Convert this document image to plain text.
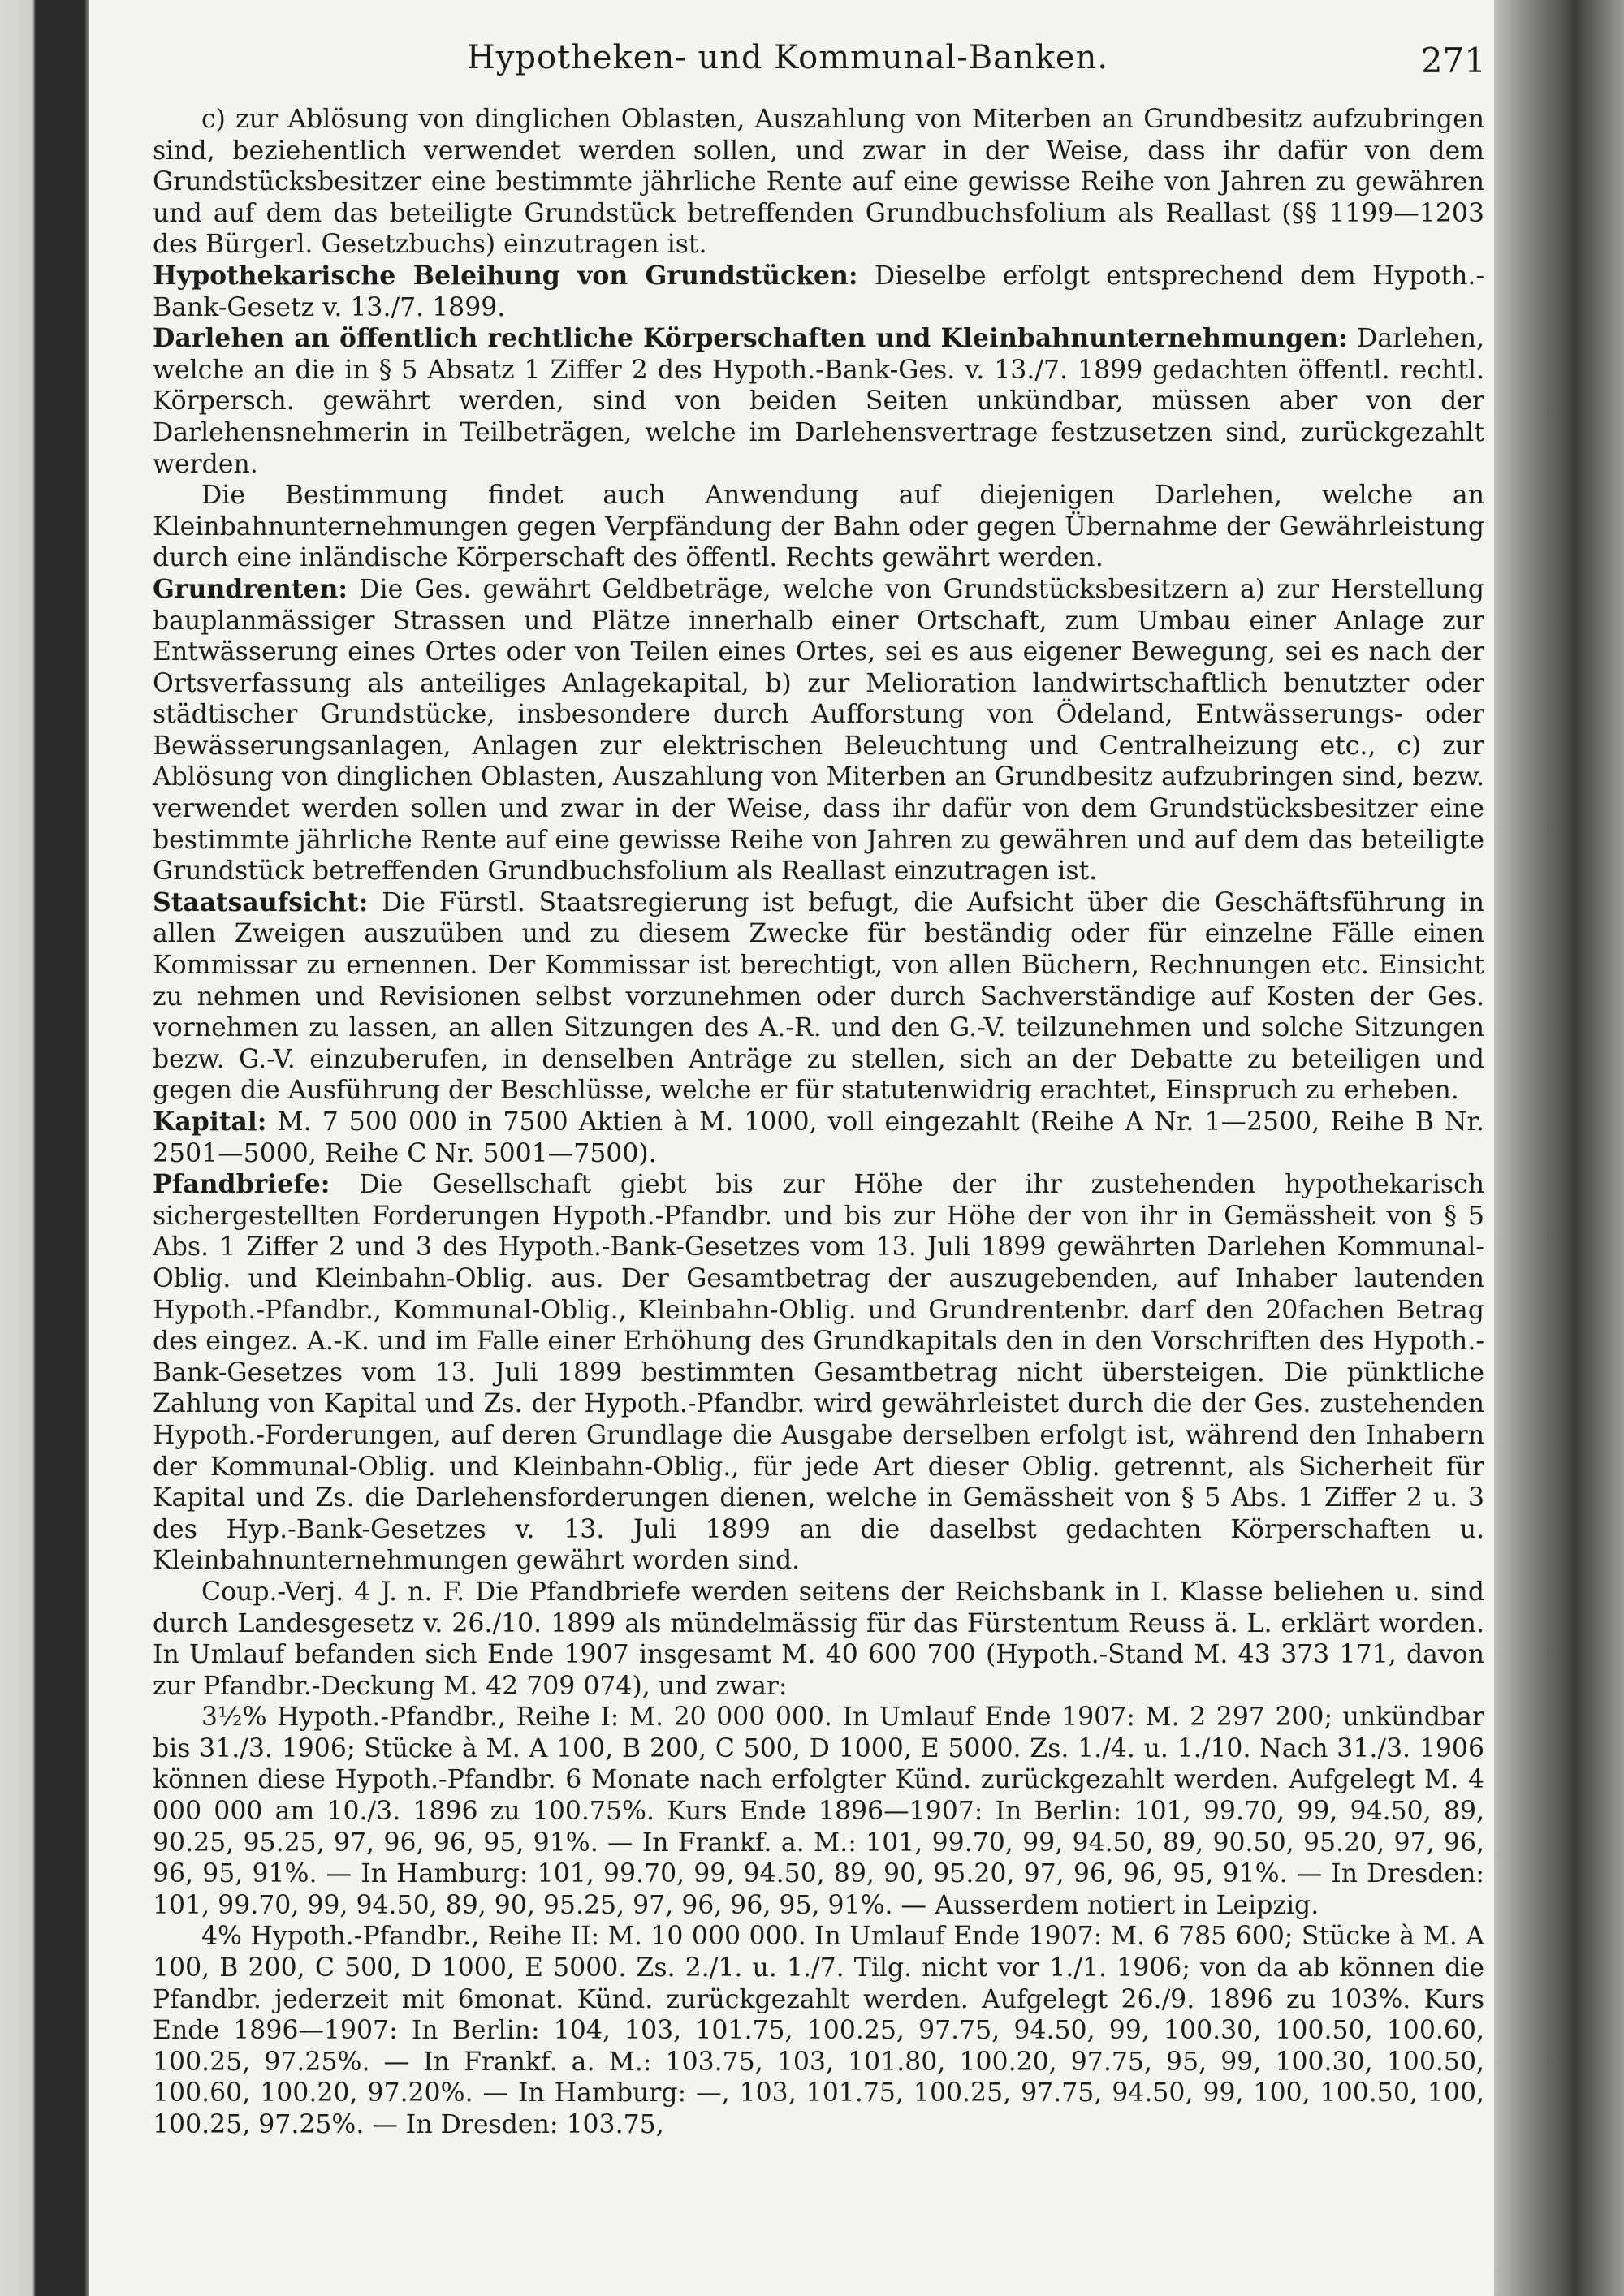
Hypotheken- und Kommunal-Banken.	271

c) zur Ablösung von dinglichen Oblasten, Auszahlung von Miterben an Grundbesitz aufzubringen sind, beziehentlich verwendet werden sollen, und zwar in der Weise, dass ihr dafür von dem Grundstücksbesitzer eine bestimmte jährliche Rente auf eine gewisse Reihe von Jahren zu gewähren und auf dem das beteiligte Grundstück betreffenden Grundbuchsfolium als Reallast (§§ 1199—1203 des Bürgerl. Gesetzbuchs) einzutragen ist.

Hypothekarische Beleihung von Grundstücken: Dieselbe erfolgt entsprechend dem Hypoth.-Bank-Gesetz v. 13./7. 1899.

Darlehen an öffentlich rechtliche Körperschaften und Kleinbahnunternehmungen: Darlehen, welche an die in § 5 Absatz 1 Ziffer 2 des Hypoth.-Bank-Ges. v. 13./7. 1899 gedachten öffentl. rechtl. Körpersch. gewährt werden, sind von beiden Seiten unkündbar, müssen aber von der Darlehensnehmerin in Teilbeträgen, welche im Darlehensvertrage festzusetzen sind, zurückgezahlt werden.

Die Bestimmung findet auch Anwendung auf diejenigen Darlehen, welche an Kleinbahnunternehmungen gegen Verpfändung der Bahn oder gegen Übernahme der Gewährleistung durch eine inländische Körperschaft des öffentl. Rechts gewährt werden.

Grundrenten: Die Ges. gewährt Geldbeträge, welche von Grundstücksbesitzern a) zur Herstellung bauplanmässiger Strassen und Plätze innerhalb einer Ortschaft, zum Umbau einer Anlage zur Entwässerung eines Ortes oder von Teilen eines Ortes, sei es aus eigener Bewegung, sei es nach der Ortsverfassung als anteiliges Anlagekapital, b) zur Melioration landwirtschaftlich benutzter oder städtischer Grundstücke, insbesondere durch Aufforstung von Ödeland, Entwässerungs- oder Bewässerungsanlagen, Anlagen zur elektrischen Beleuchtung und Centralheizung etc., c) zur Ablösung von dinglichen Oblasten, Auszahlung von Miterben an Grundbesitz aufzubringen sind, bezw. verwendet werden sollen und zwar in der Weise, dass ihr dafür von dem Grundstücksbesitzer eine bestimmte jährliche Rente auf eine gewisse Reihe von Jahren zu gewähren und auf dem das beteiligte Grundstück betreffenden Grundbuchsfolium als Reallast einzutragen ist.

Staatsaufsicht: Die Fürstl. Staatsregierung ist befugt, die Aufsicht über die Geschäftsführung in allen Zweigen auszuüben und zu diesem Zwecke für beständig oder für einzelne Fälle einen Kommissar zu ernennen. Der Kommissar ist berechtigt, von allen Büchern, Rechnungen etc. Einsicht zu nehmen und Revisionen selbst vorzunehmen oder durch Sachverständige auf Kosten der Ges. vornehmen zu lassen, an allen Sitzungen des A.-R. und den G.-V. teilzunehmen und solche Sitzungen bezw. G.-V. einzuberufen, in denselben Anträge zu stellen, sich an der Debatte zu beteiligen und gegen die Ausführung der Beschlüsse, welche er für statutenwidrig erachtet, Einspruch zu erheben.

Kapital: M. 7 500 000 in 7500 Aktien à M. 1000, voll eingezahlt (Reihe A Nr. 1—2500, Reihe B Nr. 2501—5000, Reihe C Nr. 5001—7500).

Pfandbriefe: Die Gesellschaft giebt bis zur Höhe der ihr zustehenden hypothekarisch sichergestellten Forderungen Hypoth.-Pfandbr. und bis zur Höhe der von ihr in Gemässheit von § 5 Abs. 1 Ziffer 2 und 3 des Hypoth.-Bank-Gesetzes vom 13. Juli 1899 gewährten Darlehen Kommunal-Oblig. und Kleinbahn-Oblig. aus. Der Gesamtbetrag der auszugebenden, auf Inhaber lautenden Hypoth.-Pfandbr., Kommunal-Oblig., Kleinbahn-Oblig. und Grundrentenbr. darf den 20fachen Betrag des eingez. A.-K. und im Falle einer Erhöhung des Grundkapitals den in den Vorschriften des Hypoth.-Bank-Gesetzes vom 13. Juli 1899 bestimmten Gesamtbetrag nicht übersteigen. Die pünktliche Zahlung von Kapital und Zs. der Hypoth.-Pfandbr. wird gewährleistet durch die der Ges. zustehenden Hypoth.-Forderungen, auf deren Grundlage die Ausgabe derselben erfolgt ist, während den Inhabern der Kommunal-Oblig. und Kleinbahn-Oblig., für jede Art dieser Oblig. getrennt, als Sicherheit für Kapital und Zs. die Darlehensforderungen dienen, welche in Gemässheit von § 5 Abs. 1 Ziffer 2 u. 3 des Hyp.-Bank-Gesetzes v. 13. Juli 1899 an die daselbst gedachten Körperschaften u. Kleinbahnunternehmungen gewährt worden sind.

Coup.-Verj. 4 J. n. F. Die Pfandbriefe werden seitens der Reichsbank in I. Klasse beliehen u. sind durch Landesgesetz v. 26./10. 1899 als mündelmässig für das Fürstentum Reuss ä. L. erklärt worden. In Umlauf befanden sich Ende 1907 insgesamt M. 40 600 700 (Hypoth.-Stand M. 43 373 171, davon zur Pfandbr.-Deckung M. 42 709 074), und zwar:

3½% Hypoth.-Pfandbr., Reihe I: M. 20 000 000. In Umlauf Ende 1907: M. 2 297 200; unkündbar bis 31./3. 1906; Stücke à M. A 100, B 200, C 500, D 1000, E 5000. Zs. 1./4. u. 1./10. Nach 31./3. 1906 können diese Hypoth.-Pfandbr. 6 Monate nach erfolgter Künd. zurückgezahlt werden. Aufgelegt M. 4 000 000 am 10./3. 1896 zu 100.75%. Kurs Ende 1896—1907: In Berlin: 101, 99.70, 99, 94.50, 89, 90.25, 95.25, 97, 96, 96, 95, 91%. — In Frankf. a. M.: 101, 99.70, 99, 94.50, 89, 90.50, 95.20, 97, 96, 96, 95, 91%. — In Hamburg: 101, 99.70, 99, 94.50, 89, 90, 95.20, 97, 96, 96, 95, 91%. — In Dresden: 101, 99.70, 99, 94.50, 89, 90, 95.25, 97, 96, 96, 95, 91%. — Ausserdem notiert in Leipzig.

4% Hypoth.-Pfandbr., Reihe II: M. 10 000 000. In Umlauf Ende 1907: M. 6 785 600; Stücke à M. A 100, B 200, C 500, D 1000, E 5000. Zs. 2./1. u. 1./7. Tilg. nicht vor 1./1. 1906; von da ab können die Pfandbr. jederzeit mit 6monat. Künd. zurückgezahlt werden. Aufgelegt 26./9. 1896 zu 103%. Kurs Ende 1896—1907: In Berlin: 104, 103, 101.75, 100.25, 97.75, 94.50, 99, 100.30, 100.50, 100.60, 100.25, 97.25%. — In Frankf. a. M.: 103.75, 103, 101.80, 100.20, 97.75, 95, 99, 100.30, 100.50, 100.60, 100.20, 97.20%. — In Hamburg: —, 103, 101.75, 100.25, 97.75, 94.50, 99, 100, 100.50, 100, 100.25, 97.25%. — In Dresden: 103.75,
